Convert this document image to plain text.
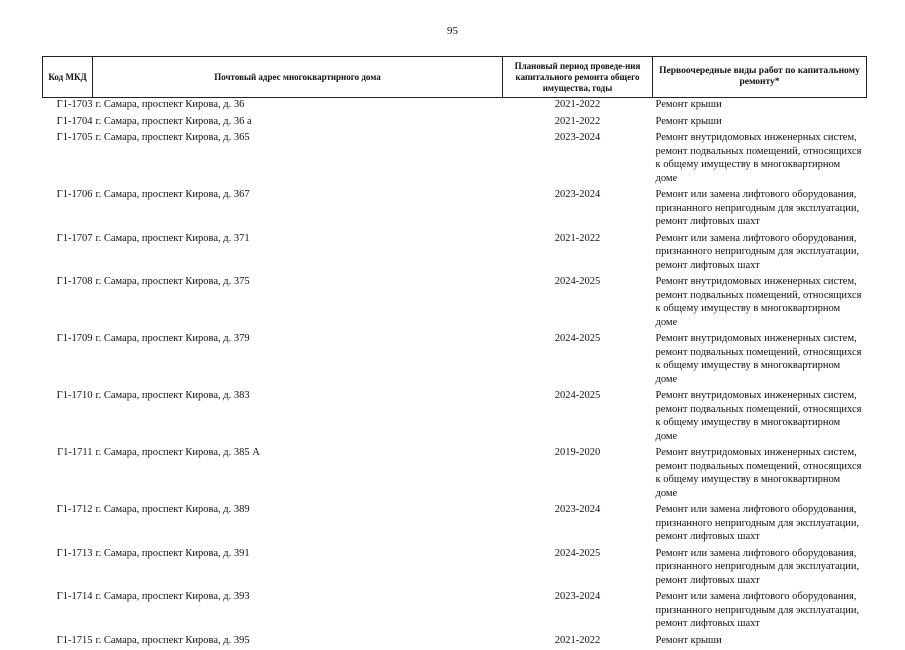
95
Код МКД	Почтовый адрес многоквартирного дома	Плановый период проведе-ния капитального ремонта общего имущества, годы	Первоочередные виды работ по капитальному ремонту*
Г1-1703	г. Самара, проспект Кирова, д. 36	2021-2022	Ремонт крыши
Г1-1704	г. Самара, проспект Кирова, д. 36 а	2021-2022	Ремонт крыши
Г1-1705	г. Самара, проспект Кирова, д. 365	2023-2024	Ремонт внутридомовых инженерных систем, ремонт подвальных помещений, относящихся к общему имуществу в многоквартирном доме
Г1-1706	г. Самара, проспект Кирова, д. 367	2023-2024	Ремонт или замена лифтового оборудования, признанного непригодным для эксплуатации, ремонт лифтовых шахт
Г1-1707	г. Самара, проспект Кирова, д. 371	2021-2022	Ремонт или замена лифтового оборудования, признанного непригодным для эксплуатации, ремонт лифтовых шахт
Г1-1708	г. Самара, проспект Кирова, д. 375	2024-2025	Ремонт внутридомовых инженерных систем, ремонт подвальных помещений, относящихся к общему имуществу в многоквартирном доме
Г1-1709	г. Самара, проспект Кирова, д. 379	2024-2025	Ремонт внутридомовых инженерных систем, ремонт подвальных помещений, относящихся к общему имуществу в многоквартирном доме
Г1-1710	г. Самара, проспект Кирова, д. 383	2024-2025	Ремонт внутридомовых инженерных систем, ремонт подвальных помещений, относящихся к общему имуществу в многоквартирном доме
Г1-1711	г. Самара, проспект Кирова, д. 385 А	2019-2020	Ремонт внутридомовых инженерных систем, ремонт подвальных помещений, относящихся к общему имуществу в многоквартирном доме
Г1-1712	г. Самара, проспект Кирова, д. 389	2023-2024	Ремонт или замена лифтового оборудования, признанного непригодным для эксплуатации, ремонт лифтовых шахт
Г1-1713	г. Самара, проспект Кирова, д. 391	2024-2025	Ремонт или замена лифтового оборудования, признанного непригодным для эксплуатации, ремонт лифтовых шахт
Г1-1714	г. Самара, проспект Кирова, д. 393	2023-2024	Ремонт или замена лифтового оборудования, признанного непригодным для эксплуатации, ремонт лифтовых шахт
Г1-1715	г. Самара, проспект Кирова, д. 395	2021-2022	Ремонт крыши
